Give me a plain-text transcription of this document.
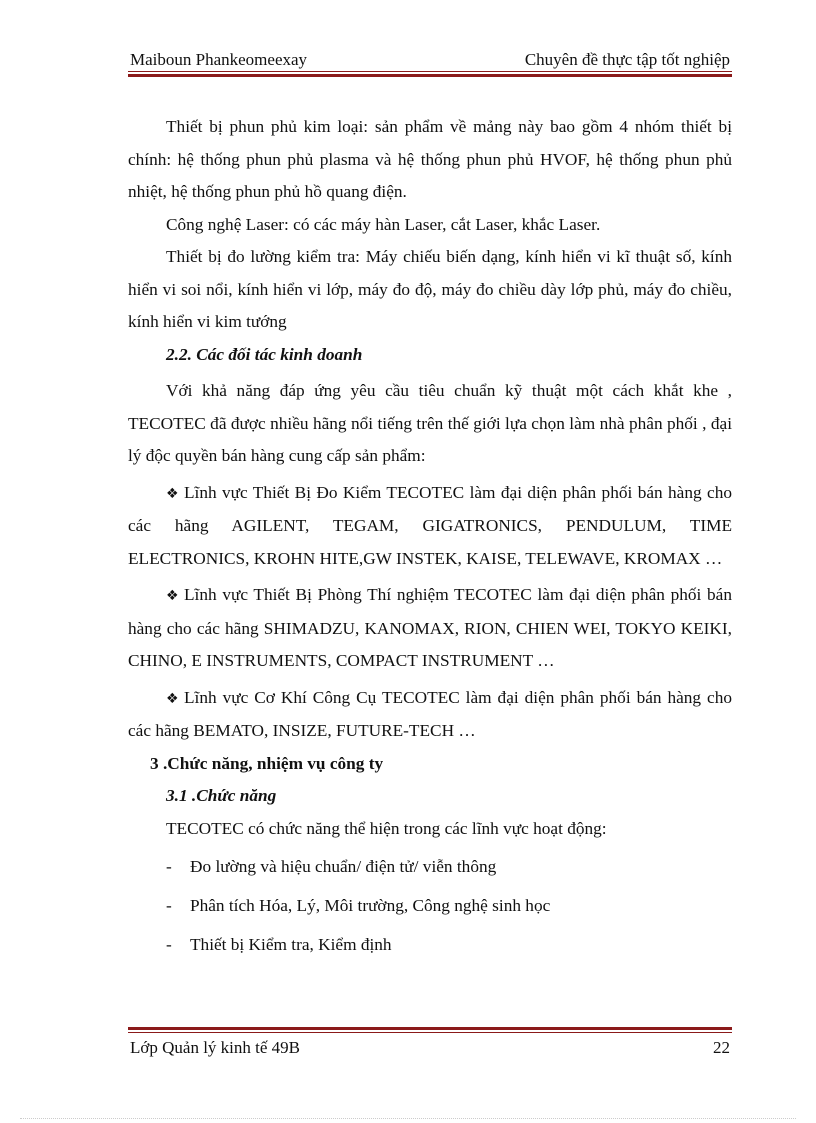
Maiboun Phankeomeexay	Chuyên đề thực tập tốt nghiệp

Thiết bị phun phủ kim loại: sản phẩm về mảng này bao gồm 4 nhóm thiết bị chính: hệ thống phun phủ plasma và hệ thống phun phủ HVOF, hệ thống phun phủ nhiệt, hệ thống phun phủ hồ quang điện.

Công nghệ Laser: có các máy hàn Laser, cắt Laser, khắc Laser.

Thiết bị đo lường kiểm tra: Máy chiếu biến dạng, kính hiển vi kĩ thuật số, kính hiển vi soi nổi, kính hiển vi lớp, máy đo độ, máy đo chiều dày lớp phủ, máy đo chiều, kính hiển vi kim tướng

2.2. Các đối tác kinh doanh

Với khả năng đáp ứng yêu cầu tiêu chuẩn kỹ thuật một cách khắt khe , TECOTEC đã được nhiều hãng nổi tiếng trên thế giới lựa chọn làm nhà phân phối , đại lý độc quyền bán hàng cung cấp sản phẩm:

❖ Lĩnh vực Thiết Bị Đo Kiểm TECOTEC làm đại diện phân phối bán hàng cho các hãng AGILENT, TEGAM, GIGATRONICS, PENDULUM, TIME ELECTRONICS, KROHN HITE,GW INSTEK, KAISE, TELEWAVE, KROMAX …

❖ Lĩnh vực Thiết Bị Phòng Thí nghiệm TECOTEC làm đại diện phân phối bán hàng cho các hãng SHIMADZU, KANOMAX, RION, CHIEN WEI, TOKYO KEIKI, CHINO, E INSTRUMENTS, COMPACT INSTRUMENT …

❖ Lĩnh vực Cơ Khí Công Cụ TECOTEC làm đại diện phân phối bán hàng cho các hãng BEMATO, INSIZE, FUTURE-TECH …

3 .Chức năng, nhiệm vụ công ty

3.1 .Chức năng

TECOTEC có chức năng thể hiện trong các lĩnh vực hoạt động:

- Đo lường và hiệu chuẩn/ điện tử/ viễn thông

- Phân tích Hóa, Lý, Môi trường, Công nghệ sinh học

- Thiết bị Kiểm tra, Kiểm định

Lớp Quản lý kinh tế 49B	22
